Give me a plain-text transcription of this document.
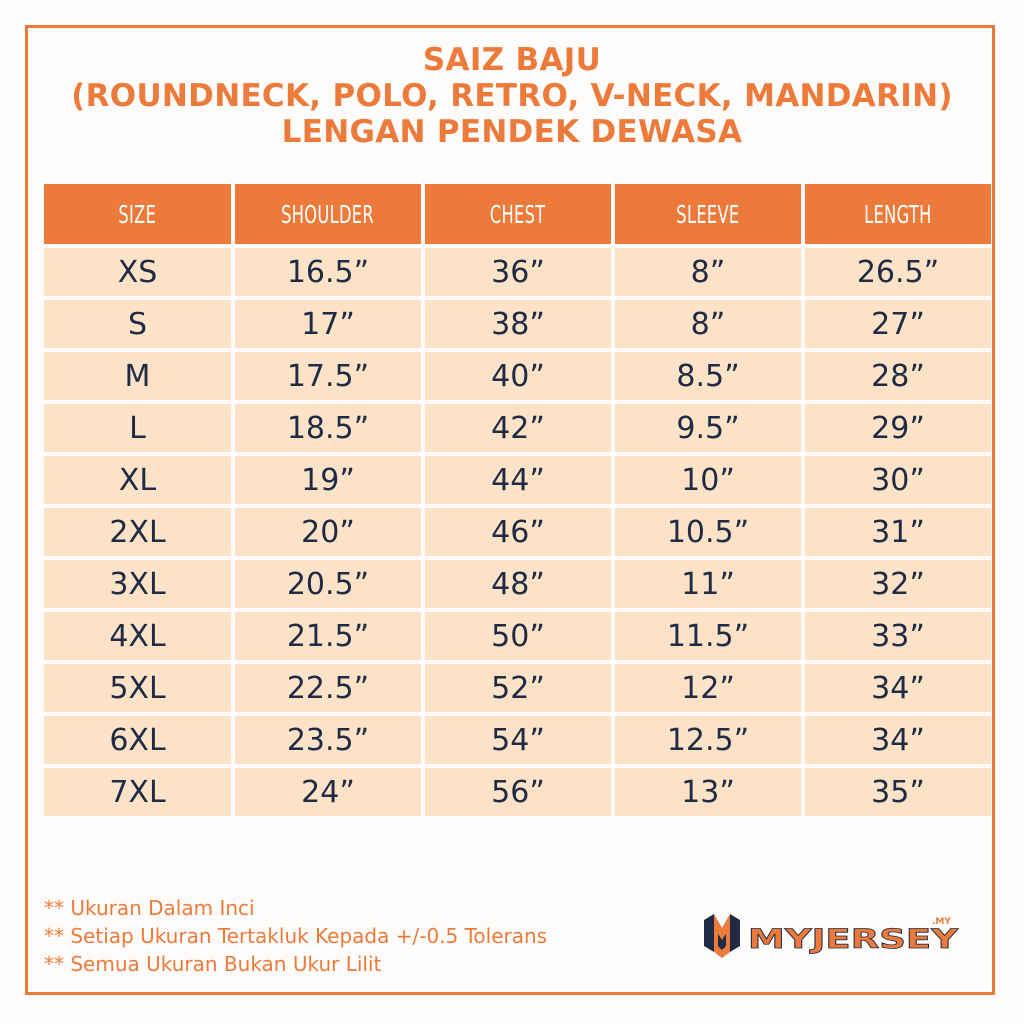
SAIZ BAJU
(ROUNDNECK, POLO, RETRO, V-NECK, MANDARIN)
LENGAN PENDEK DEWASA
SIZE	SHOULDER	CHEST	SLEEVE	LENGTH
XS	16.5”	36”	8”	26.5”
S	17”	38”	8”	27”
M	17.5”	40”	8.5”	28”
L	18.5”	42”	9.5”	29”
XL	19”	44”	10”	30”
2XL	20”	46”	10.5”	31”
3XL	20.5”	48”	11”	32”
4XL	21.5”	50”	11.5”	33”
5XL	22.5”	52”	12”	34”
6XL	23.5”	54”	12.5”	34”
7XL	24”	56”	13”	35”
** Ukuran Dalam Inci
** Setiap Ukuran Tertakluk Kepada +/-0.5 Tolerans
** Semua Ukuran Bukan Ukur Lilit
MYJERSEY
.MY
